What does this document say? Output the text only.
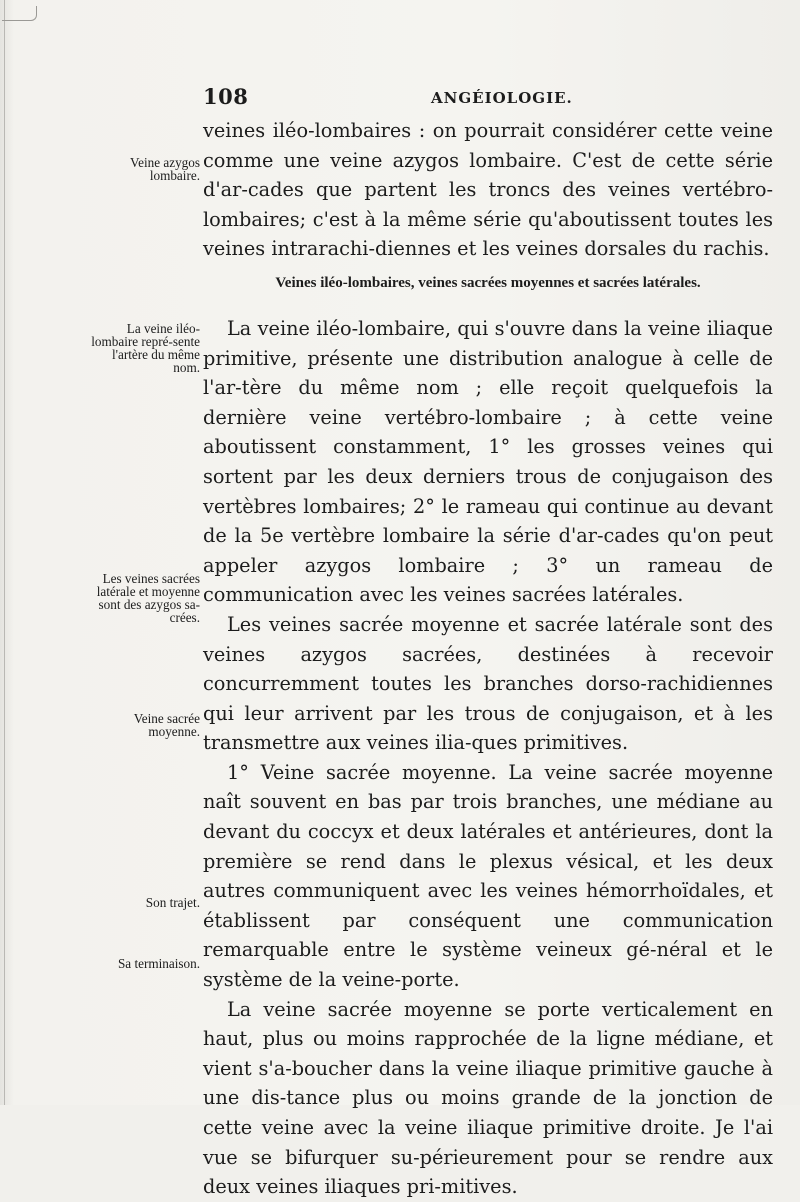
108	ANGÉIOLOGIE.
Veine azygos lombaire.
La veine iléo-lombaire repré-sente l'artère du même nom.
Les veines sacrées latérale et moyenne sont des azygos sa-crées.
Veine sacrée moyenne.
Son trajet.
Sa terminaison.

veines iléo-lombaires : on pourrait considérer cette veine comme une veine azygos lombaire. C'est de cette série d'ar-cades que partent les troncs des veines vertébro-lombaires; c'est à la même série qu'aboutissent toutes les veines intrarachi-diennes et les veines dorsales du rachis.

Veines iléo-lombaires, veines sacrées moyennes et sacrées latérales.

La veine iléo-lombaire, qui s'ouvre dans la veine iliaque primitive, présente une distribution analogue à celle de l'ar-tère du même nom ; elle reçoit quelquefois la dernière veine vertébro-lombaire ; à cette veine aboutissent constamment, 1° les grosses veines qui sortent par les deux derniers trous de conjugaison des vertèbres lombaires; 2° le rameau qui continue au devant de la 5e vertèbre lombaire la série d'ar-cades qu'on peut appeler azygos lombaire ; 3° un rameau de communication avec les veines sacrées latérales.

Les veines sacrée moyenne et sacrée latérale sont des veines azygos sacrées, destinées à recevoir concurremment toutes les branches dorso-rachidiennes qui leur arrivent par les trous de conjugaison, et à les transmettre aux veines ilia-ques primitives.

1° Veine sacrée moyenne. La veine sacrée moyenne naît souvent en bas par trois branches, une médiane au devant du coccyx et deux latérales et antérieures, dont la première se rend dans le plexus vésical, et les deux autres communiquent avec les veines hémorrhoïdales, et établissent par conséquent une communication remarquable entre le système veineux gé-néral et le système de la veine-porte.

La veine sacrée moyenne se porte verticalement en haut, plus ou moins rapprochée de la ligne médiane, et vient s'a-boucher dans la veine iliaque primitive gauche à une dis-tance plus ou moins grande de la jonction de cette veine avec la veine iliaque primitive droite. Je l'ai vue se bifurquer su-périeurement pour se rendre aux deux veines iliaques pri-mitives.
